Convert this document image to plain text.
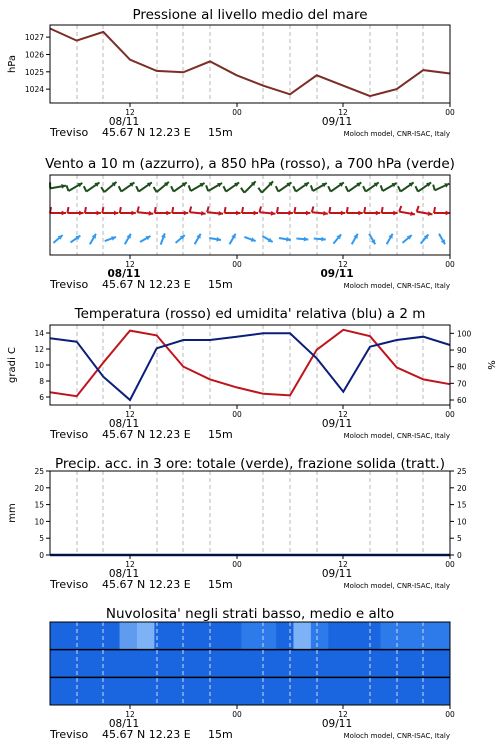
Pressione al livello medio del mare
1024
1025
1026
1027
hPa
12	00	12	00
08/11	09/11
Treviso 45.67 N 12.23 E 15m	Moloch model, CNR-ISAC, Italy
Vento a 10 m (azzurro), a 850 hPa (rosso), a 700 hPa (verde)
12	00	12	00
08/11	09/11
Treviso 45.67 N 12.23 E 15m	Moloch model, CNR-ISAC, Italy
Temperatura (rosso) ed umidita' relativa (blu) a 2 m
6
8
10
12
14
60
70
80
90
100
gradi C	%
12	00	12	00
08/11	09/11
Treviso 45.67 N 12.23 E 15m	Moloch model, CNR-ISAC, Italy
Precip. acc. in 3 ore: totale (verde), frazione solida (tratt.)
0	0
5	5
10	10
15	15
20	20
25	25
mm
12	00	12	00
08/11	09/11
Treviso 45.67 N 12.23 E 15m	Moloch model, CNR-ISAC, Italy
Nuvolosita' negli strati basso, medio e alto
12	00	12	00
08/11	09/11
Treviso 45.67 N 12.23 E 15m	Moloch model, CNR-ISAC, Italy
